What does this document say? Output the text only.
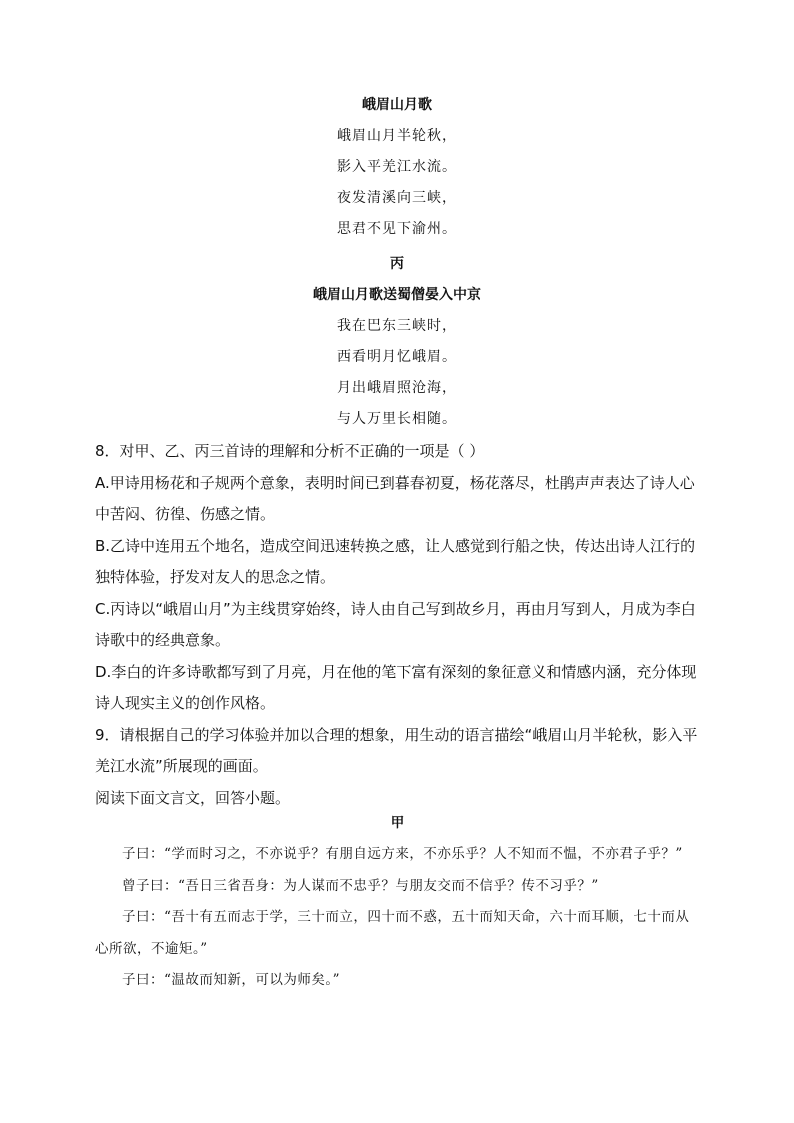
峨眉山月歌
峨眉山月半轮秋，
影入平羌江水流。
夜发清溪向三峡，
思君不见下渝州。
丙
峨眉山月歌送蜀僧晏入中京
我在巴东三峡时，
西看明月忆峨眉。
月出峨眉照沧海，
与人万里长相随。

8．对甲、乙、丙三首诗的理解和分析不正确的一项是（ ）

A.甲诗用杨花和子规两个意象，表明时间已到暮春初夏，杨花落尽，杜鹃声声表达了诗人心中苦闷、彷徨、伤感之情。

B.乙诗中连用五个地名，造成空间迅速转换之感，让人感觉到行船之快，传达出诗人江行的独特体验，抒发对友人的思念之情。

C.丙诗以“峨眉山月”为主线贯穿始终，诗人由自己写到故乡月，再由月写到人，月成为李白诗歌中的经典意象。

D.李白的许多诗歌都写到了月亮，月在他的笔下富有深刻的象征意义和情感内涵，充分体现诗人现实主义的创作风格。

9．请根据自己的学习体验并加以合理的想象，用生动的语言描绘“峨眉山月半轮秋，影入平羌江水流”所展现的画面。

阅读下面文言文，回答小题。

甲

子曰：“学而时习之，不亦说乎？有朋自远方来，不亦乐乎？人不知而不愠，不亦君子乎？”

曾子曰：“吾日三省吾身：为人谋而不忠乎？与朋友交而不信乎？传不习乎？”

子曰：“吾十有五而志于学，三十而立，四十而不惑，五十而知天命，六十而耳顺，七十而从心所欲，不逾矩。”

子曰：“温故而知新，可以为师矣。”
